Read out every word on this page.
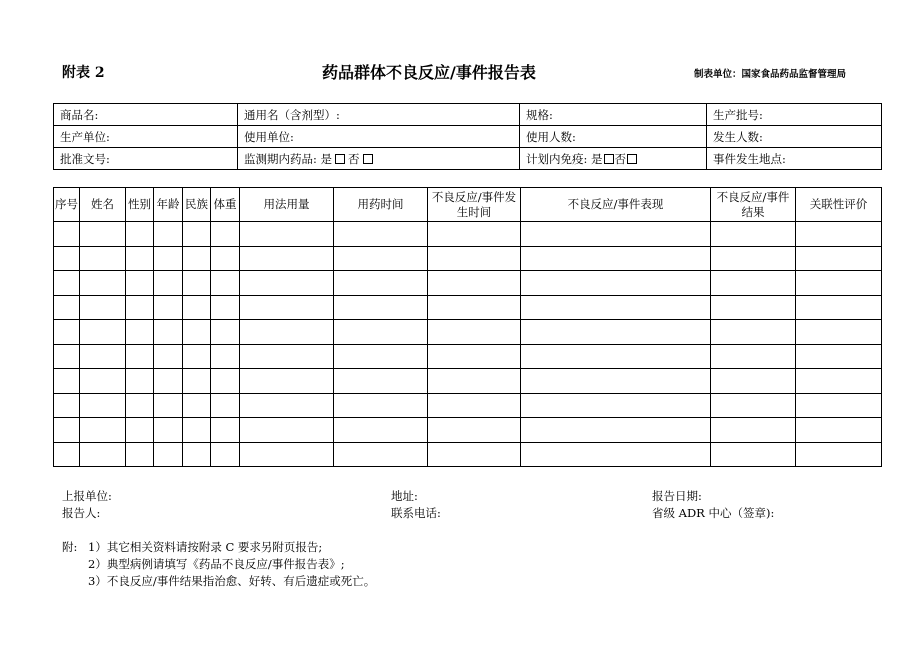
附表 2	药品群体不良反应/事件报告表	制表单位：国家食品药品监督管理局
商品名:	通用名（含剂型）:	规格:	生产批号:
生产单位:	使用单位:	使用人数:	发生人数:
批准文号:	监测期内药品: 是 否	计划内免疫: 是 否	事件发生地点:
序号	姓名	性别	年龄	民族	体重	用法用量	用药时间	不良反应/事件发生时间	不良反应/事件表现	不良反应/事件结果	关联性评价

上报单位:	地址:	报告日期:
报告人:	联系电话:	省级 ADR 中心（签章):
附: 1）其它相关资料请按附录 C 要求另附页报告;
2）典型病例请填写《药品不良反应/事件报告表》;
3）不良反应/事件结果指治愈、好转、有后遗症或死亡。
